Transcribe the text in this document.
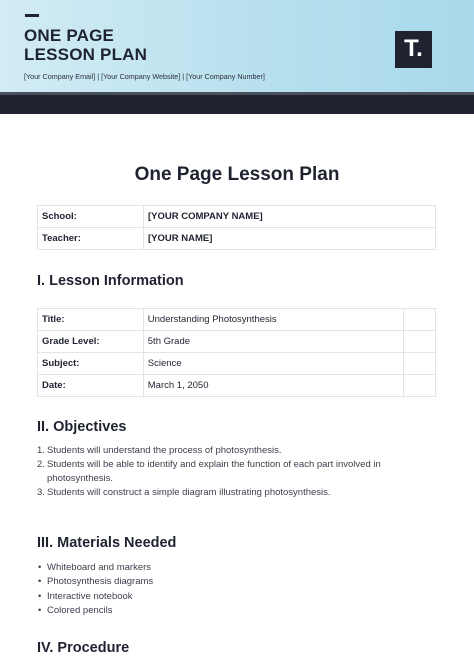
ONE PAGE
LESSON PLAN
[Your Company Email] | [Your Company Website] | [Your Company Number]
T.
One Page Lesson Plan
School:	[YOUR COMPANY NAME]
Teacher:	[YOUR NAME]
I. Lesson Information
Title:	Understanding Photosynthesis	
Grade Level:	5th Grade	
Subject:	Science	
Date:	March 1, 2050	
II. Objectives
1. Students will understand the process of photosynthesis.
2. Students will be able to identify and explain the function of each part involved in photosynthesis.
3. Students will construct a simple diagram illustrating photosynthesis.
III. Materials Needed
• Whiteboard and markers
• Photosynthesis diagrams
• Interactive notebook
• Colored pencils
IV. Procedure
